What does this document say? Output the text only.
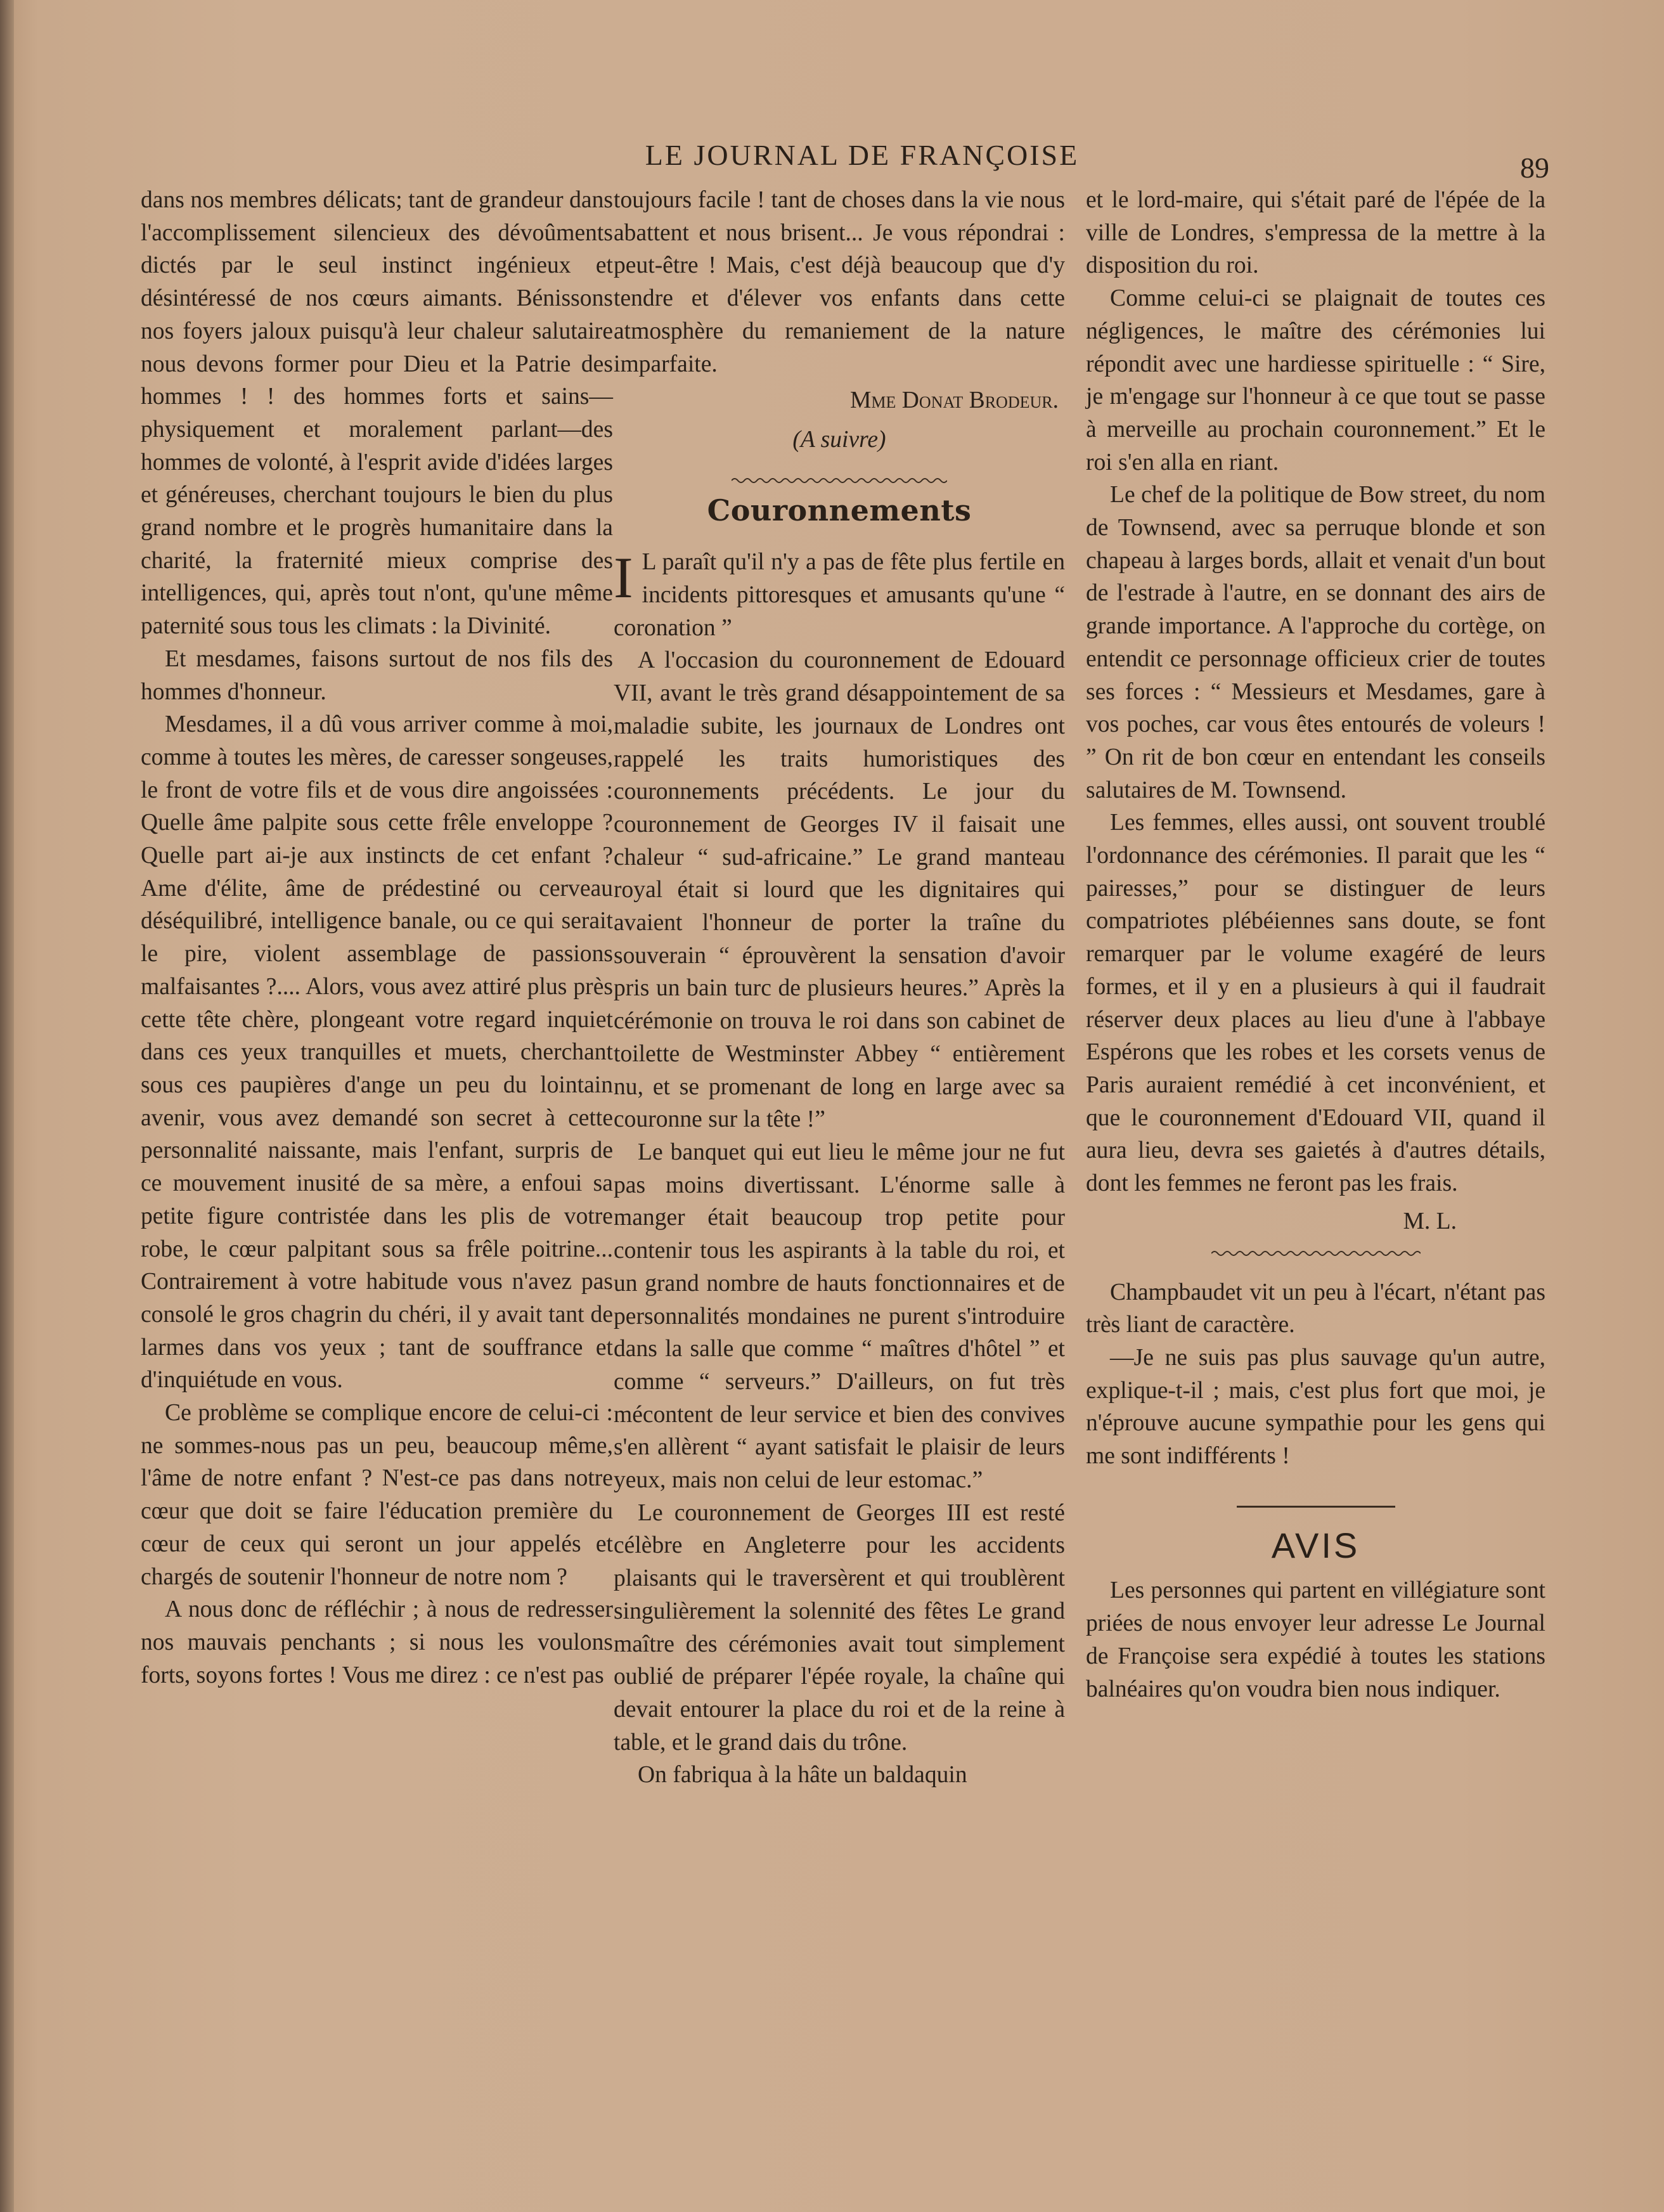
LE JOURNAL DE FRANÇOISE	89

dans nos membres délicats; tant de grandeur dans l'accomplissement silencieux des dévoûments dictés par le seul instinct ingénieux et désintéressé de nos cœurs aimants. Bénissons nos foyers jaloux puisqu'à leur chaleur salutaire nous devons former pour Dieu et la Patrie des hommes ! ! des hommes forts et sains—physiquement et moralement parlant—des hommes de volonté, à l'esprit avide d'idées larges et généreuses, cherchant toujours le bien du plus grand nombre et le progrès humanitaire dans la charité, la fraternité mieux comprise des intelligences, qui, après tout n'ont, qu'une même paternité sous tous les climats : la Divinité.

Et mesdames, faisons surtout de nos fils des hommes d'honneur.

Mesdames, il a dû vous arriver comme à moi, comme à toutes les mères, de caresser songeuses, le front de votre fils et de vous dire angoissées : Quelle âme palpite sous cette frêle enveloppe ? Quelle part ai-je aux instincts de cet enfant ? Ame d'élite, âme de prédestiné ou cerveau déséquilibré, intelligence banale, ou ce qui serait le pire, violent assemblage de passions malfaisantes ?.... Alors, vous avez attiré plus près cette tête chère, plongeant votre regard inquiet dans ces yeux tranquilles et muets, cherchant sous ces paupières d'ange un peu du lointain avenir, vous avez demandé son secret à cette personnalité naissante, mais l'enfant, surpris de ce mouvement inusité de sa mère, a enfoui sa petite figure contristée dans les plis de votre robe, le cœur palpitant sous sa frêle poitrine... Contrairement à votre habitude vous n'avez pas consolé le gros chagrin du chéri, il y avait tant de larmes dans vos yeux ; tant de souffrance et d'inquiétude en vous.

Ce problème se complique encore de celui-ci : ne sommes-nous pas un peu, beaucoup même, l'âme de notre enfant ? N'est-ce pas dans notre cœur que doit se faire l'éducation première du cœur de ceux qui seront un jour appelés et chargés de soutenir l'honneur de notre nom ?

A nous donc de réfléchir ; à nous de redresser nos mauvais penchants ; si nous les voulons forts, soyons fortes ! Vous me direz : ce n'est pas

toujours facile ! tant de choses dans la vie nous abattent et nous brisent... Je vous répondrai : peut-être ! Mais, c'est déjà beaucoup que d'y tendre et d'élever vos enfants dans cette atmosphère du remaniement de la nature imparfaite.

Mme Donat Brodeur.
(A suivre)
Couronnements

I L paraît qu'il n'y a pas de fête plus fertile en incidents pittoresques et amusants qu'une “ coronation ”

A l'occasion du couronnement de Edouard VII, avant le très grand désappointement de sa maladie subite, les journaux de Londres ont rappelé les traits humoristiques des couronnements précédents. Le jour du couronnement de Georges IV il faisait une chaleur “ sud-africaine.” Le grand manteau royal était si lourd que les dignitaires qui avaient l'honneur de porter la traîne du souverain “ éprouvèrent la sensation d'avoir pris un bain turc de plusieurs heures.” Après la cérémonie on trouva le roi dans son cabinet de toilette de Westminster Abbey “ entièrement nu, et se promenant de long en large avec sa couronne sur la tête !”

Le banquet qui eut lieu le même jour ne fut pas moins divertissant. L'énorme salle à manger était beaucoup trop petite pour contenir tous les aspirants à la table du roi, et un grand nombre de hauts fonctionnaires et de personnalités mondaines ne purent s'introduire dans la salle que comme “ maîtres d'hôtel ” et comme “ serveurs.” D'ailleurs, on fut très mécontent de leur service et bien des convives s'en allèrent “ ayant satisfait le plaisir de leurs yeux, mais non celui de leur estomac.”

Le couronnement de Georges III est resté célèbre en Angleterre pour les accidents plaisants qui le traversèrent et qui troublèrent singulièrement la solennité des fêtes Le grand maître des cérémonies avait tout simplement oublié de préparer l'épée royale, la chaîne qui devait entourer la place du roi et de la reine à table, et le grand dais du trône.

On fabriqua à la hâte un baldaquin

et le lord-maire, qui s'était paré de l'épée de la ville de Londres, s'empressa de la mettre à la disposition du roi.

Comme celui-ci se plaignait de toutes ces négligences, le maître des cérémonies lui répondit avec une hardiesse spirituelle : “ Sire, je m'engage sur l'honneur à ce que tout se passe à merveille au prochain couronnement.” Et le roi s'en alla en riant.

Le chef de la politique de Bow street, du nom de Townsend, avec sa perruque blonde et son chapeau à larges bords, allait et venait d'un bout de l'estrade à l'autre, en se donnant des airs de grande importance. A l'approche du cortège, on entendit ce personnage officieux crier de toutes ses forces : “ Messieurs et Mesdames, gare à vos poches, car vous êtes entourés de voleurs ! ” On rit de bon cœur en entendant les conseils salutaires de M. Townsend.

Les femmes, elles aussi, ont souvent troublé l'ordonnance des cérémonies. Il parait que les “ pairesses,” pour se distinguer de leurs compatriotes plébéiennes sans doute, se font remarquer par le volume exagéré de leurs formes, et il y en a plusieurs à qui il faudrait réserver deux places au lieu d'une à l'abbaye Espérons que les robes et les corsets venus de Paris auraient remédié à cet inconvénient, et que le couronnement d'Edouard VII, quand il aura lieu, devra ses gaietés à d'autres détails, dont les femmes ne feront pas les frais.

M. L.

Champbaudet vit un peu à l'écart, n'étant pas très liant de caractère.

—Je ne suis pas plus sauvage qu'un autre, explique-t-il ; mais, c'est plus fort que moi, je n'éprouve aucune sympathie pour les gens qui me sont indifférents !

AVIS

Les personnes qui partent en villégiature sont priées de nous envoyer leur adresse Le Journal de Françoise sera expédié à toutes les stations balnéaires qu'on voudra bien nous indiquer.
